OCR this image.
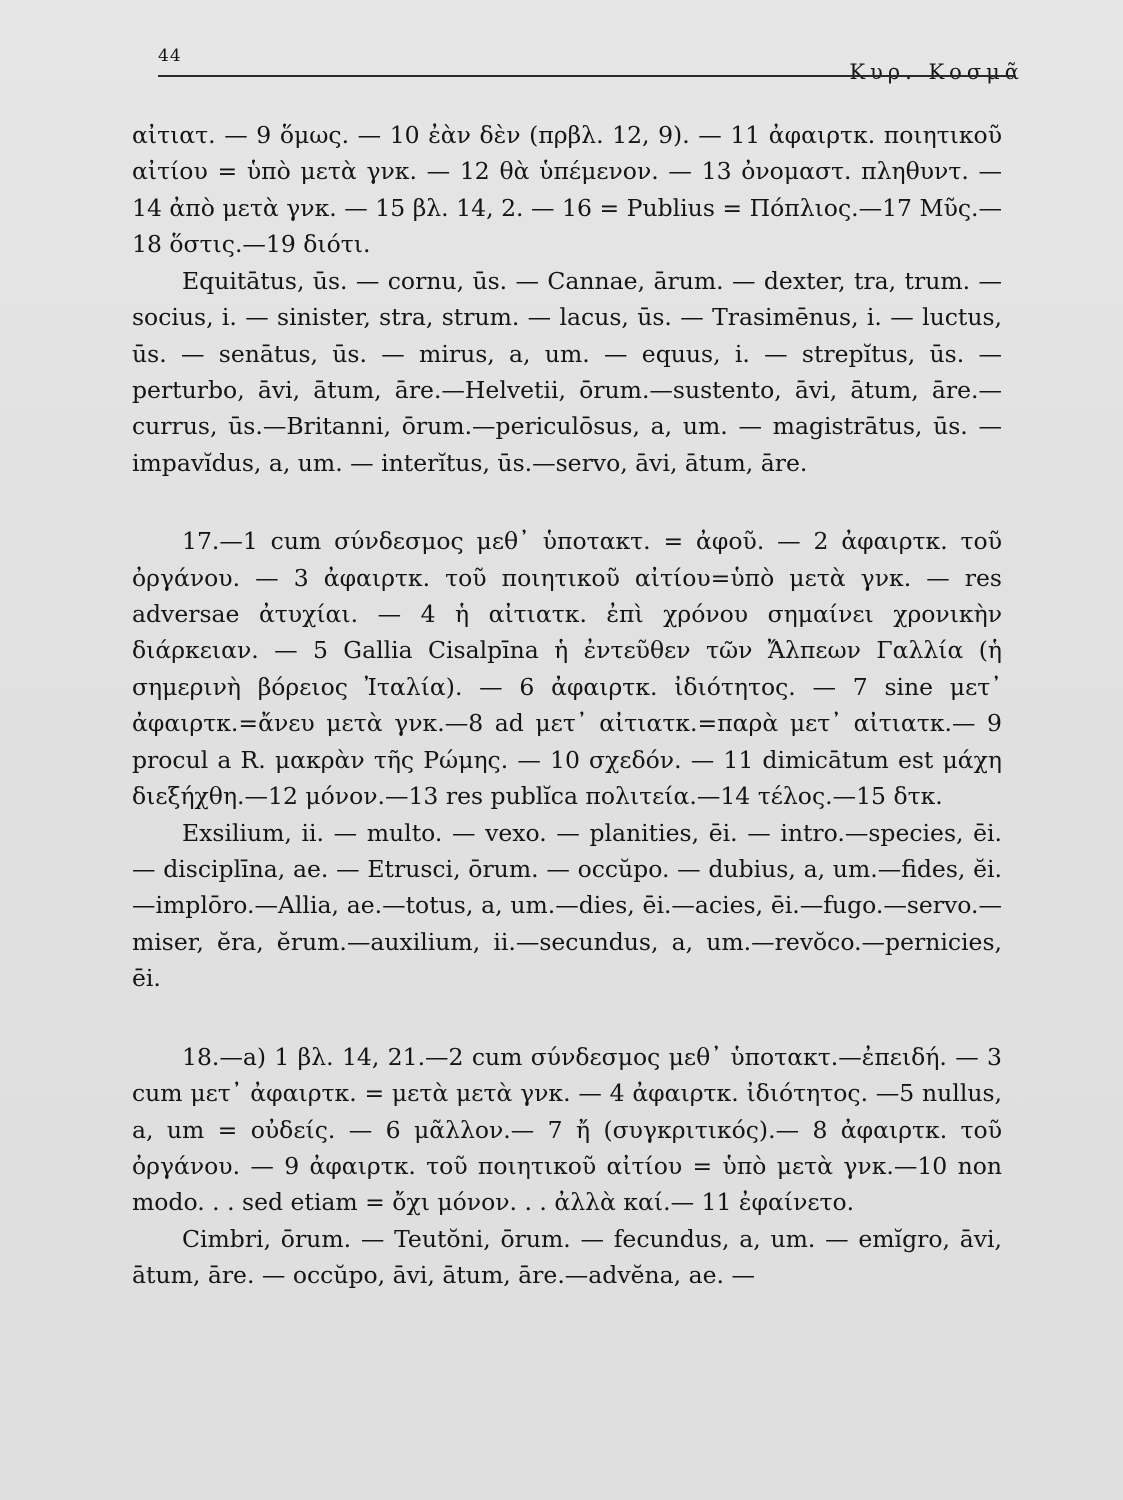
44
Κυρ. Κοσμᾶ

αἰτιατ. — 9 ὅμως. — 10 ἐὰν δὲν (πρβλ. 12, 9). — 11 ἀφαιρτκ. ποιητικοῦ αἰτίου = ὑπὸ μετὰ γνκ. — 12 θὰ ὑπέμενον. — 13 ὀνομαστ. πληθυντ. — 14 ἀπὸ μετὰ γνκ. — 15 βλ. 14, 2. — 16 = Publius = Πόπλιος.—17 Μῦς.—18 ὅστις.—19 διότι.

Equitātus, ūs. — cornu, ūs. — Cannae, ārum. — dexter, tra, trum. — socius, i. — sinister, stra, strum. — lacus, ūs. — Trasimēnus, i. — luctus, ūs. — senātus, ūs. — mirus, a, um. — equus, i. — strepĭtus, ūs. — perturbo, āvi, ātum, āre.—Helvetii, ōrum.—sustento, āvi, ātum, āre.—currus, ūs.—Britanni, ōrum.—periculōsus, a, um. — magistrātus, ūs. — impavĭdus, a, um. — interĭtus, ūs.—servo, āvi, ātum, āre.

17.—1 cum σύνδεσμος μεθ᾽ ὑποτακτ. = ἀφοῦ. — 2 ἀφαιρτκ. τοῦ ὀργάνου. — 3 ἀφαιρτκ. τοῦ ποιητικοῦ αἰτίου=ὑπὸ μετὰ γνκ. — res adversae ἀτυχίαι. — 4 ἡ αἰτιατκ. ἐπὶ χρόνου σημαίνει χρονικὴν διάρκειαν. — 5 Gallia Cisalpīna ἡ ἐντεῦθεν τῶν Ἄλπεων Γαλλία (ἡ σημερινὴ βόρειος Ἰταλία). — 6 ἀφαιρτκ. ἰδιότητος. — 7 sine μετ᾽ ἀφαιρτκ.=ἄνευ μετὰ γνκ.—8 ad μετ᾽ αἰτιατκ.=παρὰ μετ᾽ αἰτιατκ.— 9 procul a R. μακρὰν τῆς Ρώμης. — 10 σχεδόν. — 11 dimicātum est μάχη διεξήχθη.—12 μόνον.—13 res publĭca πολιτεία.—14 τέλος.—15 δτκ.

Exsilium, ii. — multo. — vexo. — planities, ēi. — intro.—species, ēi. — disciplīna, ae. — Etrusci, ōrum. — occŭpo. — dubius, a, um.—fides, ĕi.—implōro.—Allia, ae.—totus, a, um.—dies, ēi.—acies, ēi.—fugo.—servo.—miser, ĕra, ĕrum.—auxilium, ii.—secundus, a, um.—revŏco.—pernicies, ēi.

18.—a) 1 βλ. 14, 21.—2 cum σύνδεσμος μεθ᾽ ὑποτακτ.—ἐπειδή. — 3 cum μετ᾽ ἀφαιρτκ. = μετὰ μετὰ γνκ. — 4 ἀφαιρτκ. ἰδιότητος. —5 nullus, a, um = οὐδείς. — 6 μᾶλλον.— 7 ἤ (συγκριτικός).— 8 ἀφαιρτκ. τοῦ ὀργάνου. — 9 ἀφαιρτκ. τοῦ ποιητικοῦ αἰτίου = ὑπὸ μετὰ γνκ.—10 non modo. . . sed etiam = ὄχι μόνον. . . ἀλλὰ καί.— 11 ἐφαίνετο.

Cimbri, ōrum. — Teutŏni, ōrum. — fecundus, a, um. — emĭgro, āvi, ātum, āre. — occŭpo, āvi, ātum, āre.—advĕna, ae. —
